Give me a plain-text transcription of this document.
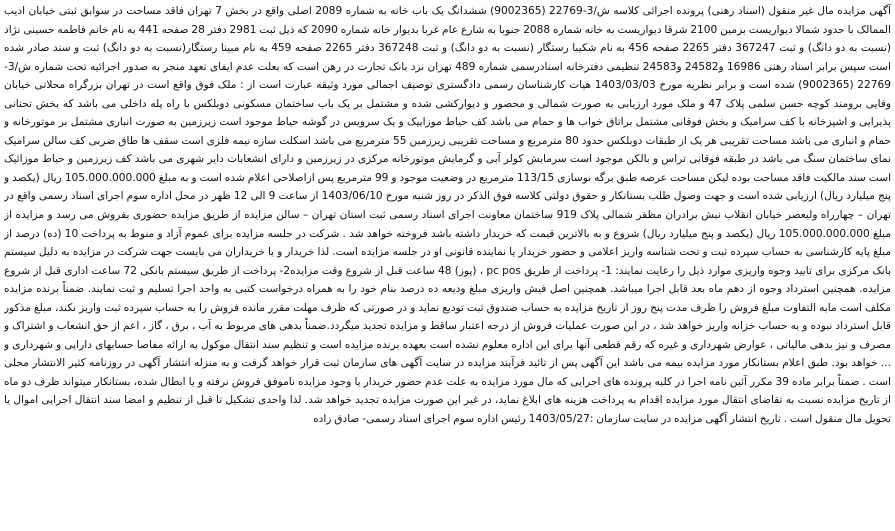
آگهی مزایده مال غیر منقول (اسناد رهنی) پرونده اجرائی کلاسه ش/3-22769 (9002365) ششدانگ یک باب خانه به شماره 2089 اصلی واقع در بخش 7 تهران فاقد مساحت در سوابق ثبتی خیابان ادیب الممالک با حدود شمالا دیواریست بزمین 2100 شرقا دیواریست به خانه شماره 2088 جنوبا به شارع عام غربا بدیوار خانه شماره 2090 که ذیل ثبت 2981 دفتر 28 صفحه 441 به نام خانم فاطمه حسینی نژاد (نسبت به دو دانگ) و ثبت 367247 دفتر 2265 صفحه 456 به نام شکیبا رستگار (نسبت به دو دانگ) و ثبت 367248 دفتر 2265 صفحه 459 به نام مبینا رستگار(نسبت به دو دانگ) ثبت و سند صادر شده است سپس برابر اسناد رهنی 16986 و24582 و24583 تنظیمی دفترخانه اسنادرسمی شماره 489 تهران نزد بانک تجارت در رهن است که بعلت عدم ایفای تعهد منجر به صدور اجرائیه تحت شماره ش/3-22769 (9002365) شده است و برابر نظریه مورخ 1403/03/03 هیات کارشناسان رسمی دادگستری توصیف اجمالی مورد وثیقه عبارت است از : ملک فوق واقع است در تهران بزرگراه محلاتی خیابان وفایی برومند کوچه حسن سلمی پلاک 47 و ملک مورد ارزیابی به صورت شمالی و محصور و دیوارکشی شده و مشتمل بر یک باب ساختمان مسکونی دوبلکس با راه پله داخلی می باشد که بخش تحتانی پذیرایی و اشپزخانه با کف سرامیک و بخش فوقانی مشتمل براتاق خواب ها و حمام می باشد کف حیاط موزاییک و یک سرویس در گوشه حیاط موجود است زیرزمین به صورت انباری مشتمل بر موتورخانه و حمام و انباری می باشد مساحت تقریبی هر یک از طبقات دوبلکس حدود 80 مترمربع و مساحت تقریبی زیرزمین 55 مترمربع می باشد اسکلت سازه نیمه فلزی است سقف ها طاق ضربی کف سالن سرامیک نمای ساختمان سنگ می باشد در طبقه فوقانی تراس و بالکن موجود است سرمایش کولر آبی و گرمایش موتورخانه مرکزی در زیرزمین و دارای انشعابات دایر شهری می باشد کف زیرزمین و حیاط موزائیک است سند مالکیت فاقد مساحت بوده لیکن مساحت عرصه طبق برگه نوسازی 113/15 مترمربع در وضعیت موجود و 99 مترمربع پس ازاصلاحی اعلام شده است و به مبلغ 105.000.000.000 ریال (یکصد و پنج میلیارد ریال) ارزیابی شده است و جهت وصول طلب بستانکار و حقوق دولتی کلاسه فوق الذکر در روز شنبه مورخ 1403/06/10 از ساعت 9 الی 12 ظهر در محل اداره سوم اجرای اسناد رسمی واقع در تهران – چهارراه ولیعصر خیابان انقلاب نبش برادران مظفر شمالی پلاک 919 ساختمان معاونت اجرای اسناد رسمی ثبت استان تهران – سالن مزایده از طریق مزایده حضوری بفروش می رسد و مزایده از مبلغ 105.000.000.000 ریال (یکصد و پنج میلیارد ریال) شروع و به بالاترین قیمت که خریدار داشته باشد فروخته خواهد شد . شرکت در جلسه مزایده برای عموم آزاد و منوط به پرداخت 10 (ده) درصد از مبلغ پایه کارشناسی به حساب سپرده ثبت و تحت شناسه واریز اعلامی و حضور خریدار یا نماینده قانونی او در جلسه مزایده است. لذا خریدار و یا خریداران می بایست جهت شرکت در مزایده به دلیل سیستم بانک مرکزی برای تایید وجوه واریزی موارد ذیل را رعایت نمایند: 1- پرداخت از طریق pc pos ، (پوز) 48 ساعت قبل از شروع وقت مزایده2- پرداخت از طریق سیستم بانکی 72 ساعت اداری قبل از شروع مزایده. همچنین استرداد وجوه از دهم ماه بعد قابل اجرا میباشد. همچنین اصل فیش واریزی مبلغ ودیعه ده درصد بنام خود را به همراه درخواست کتبی به واحد اجرا تسلیم و ثبت نمایند. ضمناً برنده مزایده مکلف است مابه التفاوت مبلغ فروش را ظرف مدت پنج روز از تاریخ مزایده به حساب صندوق ثبت تودیع نماید و در صورتی که ظرف مهلت مقرر مانده فروش را به حساب سپرده ثبت واریز نکند، مبلغ مذکور قابل استرداد نبوده و به حساب خزانه واریز خواهد شد ، در این صورت عملیات فروش از درجه اعتبار ساقط و مزایده تجدید میگردد.ضمناً بدهی های مربوط به آب ، برق ، گاز ، اعم از حق انشعاب و اشتراک و مصرف و نیز بدهی مالیاتی ، عوارض شهرداری و غیره که رقم قطعی آنها برای این اداره معلوم نشده است بعهده برنده مزایده است و تنظیم سند انتقال موکول به ارائه مفاصا حسابهای دارایی و شهرداری و ... خواهد بود. طبق اعلام بستانکار مورد مزایده بیمه می باشد این آگهی پس از تائید فرآیند مزایده در سایت آگهی های سازمان ثبت قرار خواهد گرفت و به منزله انتشار آگهی در روزنامه کثیر الانتشار محلی است . ضمناً برابر ماده 39 مکرر آئین نامه اجرا در کلیه پرونده های اجرایی که مال مورد مزایده به علت عدم حضور خریدار یا وجود مزایده ناموفق فروش نرفته و یا ابطال شده، بستانکار میتواند ظرف دو ماه از تاریخ مزایده نسبت به تقاضای انتقال مورد مزایده اقدام به پرداخت هزینه های ابلاغ نماید، در غیر این صورت مزایده تجدید خواهد شد. لذا واحدی تشکیل تا قبل از تنظیم و امضا سند انتقال اجرایی اموال یا تحویل مال منقول است . تاریخ انتشار آگهی مزایده در سایت سازمان :1403/05/27 رئیس اداره سوم اجرای اسناد رسمی- صادق زاده
